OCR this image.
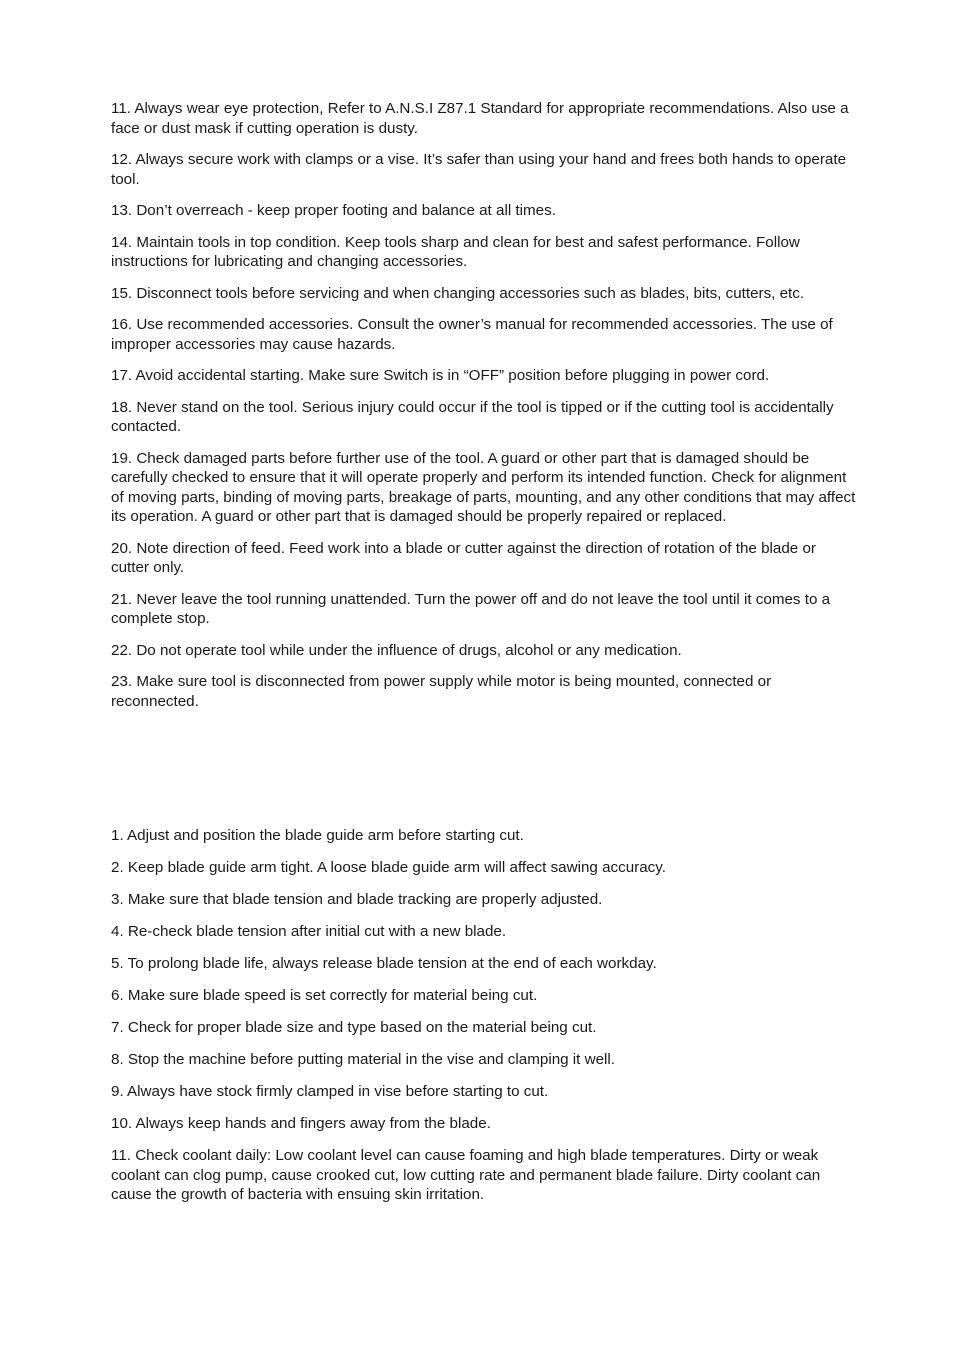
11. Always wear eye protection, Refer to A.N.S.I Z87.1 Standard for appropriate recommendations. Also use a face or dust mask if cutting operation is dusty.

12. Always secure work with clamps or a vise. It’s safer than using your hand and frees both hands to operate tool.

13. Don’t overreach - keep proper footing and balance at all times.

14. Maintain tools in top condition. Keep tools sharp and clean for best and safest performance. Follow instructions for lubricating and changing accessories.

15. Disconnect tools before servicing and when changing accessories such as blades, bits, cutters, etc.

16. Use recommended accessories. Consult the owner’s manual for recommended accessories. The use of improper accessories may cause hazards.

17. Avoid accidental starting. Make sure Switch is in “OFF” position before plugging in power cord.

18. Never stand on the tool. Serious injury could occur if the tool is tipped or if the cutting tool is accidentally contacted.

19. Check damaged parts before further use of the tool. A guard or other part that is damaged should be carefully checked to ensure that it will operate properly and perform its intended function. Check for alignment of moving parts, binding of moving parts, breakage of parts, mounting, and any other conditions that may affect its operation. A guard or other part that is damaged should be properly repaired or replaced.

20. Note direction of feed. Feed work into a blade or cutter against the direction of rotation of the blade or cutter only.

21. Never leave the tool running unattended. Turn the power off and do not leave the tool until it comes to a complete stop.

22. Do not operate tool while under the influence of drugs, alcohol or any medication.

23. Make sure tool is disconnected from power supply while motor is being mounted, connected or reconnected.

1. Adjust and position the blade guide arm before starting cut.

2. Keep blade guide arm tight. A loose blade guide arm will affect sawing accuracy.

3. Make sure that blade tension and blade tracking are properly adjusted.

4. Re-check blade tension after initial cut with a new blade.

5. To prolong blade life, always release blade tension at the end of each workday.

6. Make sure blade speed is set correctly for material being cut.

7. Check for proper blade size and type based on the material being cut.

8. Stop the machine before putting material in the vise and clamping it well.

9. Always have stock firmly clamped in vise before starting to cut.

10. Always keep hands and fingers away from the blade.

11. Check coolant daily: Low coolant level can cause foaming and high blade temperatures. Dirty or weak coolant can clog pump, cause crooked cut, low cutting rate and permanent blade failure. Dirty coolant can cause the growth of bacteria with ensuing skin irritation.
